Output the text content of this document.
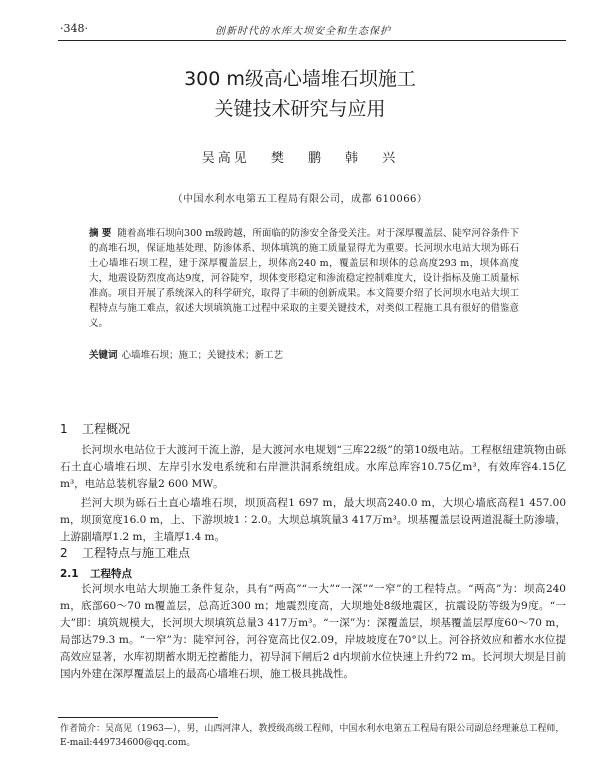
·348·	创新时代的水库大坝安全和生态保护
300 m级高心墙堆石坝施工
关键技术研究与应用
吴高见 樊 鹏 韩 兴
（中国水利水电第五工程局有限公司，成都 610066）
摘 要 随着高堆石坝向300 m级跨越，所面临的防渗安全备受关注。对于深厚覆盖层、陡窄河谷条件下的高堆石坝，保证地基处理、防渗体系、坝体填筑的施工质量显得尤为重要。长河坝水电站大坝为砾石土心墙堆石坝工程，建于深厚覆盖层上，坝体高240 m，覆盖层和坝体的总高度293 m，坝体高度大，地震设防烈度高达9度，河谷陡窄，坝体变形稳定和渗流稳定控制难度大，设计指标及施工质量标准高。项目开展了系统深入的科学研究，取得了丰硕的创新成果。本文简要介绍了长河坝水电站大坝工程特点与施工难点，叙述大坝填筑施工过程中采取的主要关键技术，对类似工程施工具有很好的借鉴意义。
关键词 心墙堆石坝；施工；关键技术；新工艺
1 工程概况
长河坝水电站位于大渡河干流上游，是大渡河水电规划“三库22级”的第10级电站。工程枢纽建筑物由砾石土直心墙堆石坝、左岸引水发电系统和右岸泄洪洞系统组成。水库总库容10.75亿m³，有效库容4.15亿m³，电站总装机容量2 600 MW。
拦河大坝为砾石土直心墙堆石坝，坝顶高程1 697 m，最大坝高240.0 m，大坝心墙底高程1 457.00 m，坝顶宽度16.0 m，上、下游坝坡1∶2.0。大坝总填筑量3 417万m³。坝基覆盖层设两道混凝土防渗墙，上游副墙厚1.2 m，主墙厚1.4 m。
2 工程特点与施工难点
2.1 工程特点
长河坝水电站大坝施工条件复杂，具有“两高”“一大”“一深”“一窄”的工程特点。“两高”为：坝高240 m，底部60～70 m覆盖层，总高近300 m；地震烈度高，大坝地处8级地震区，抗震设防等级为9度。“一大”即：填筑规模大，长河坝大坝填筑总量3 417万m³。“一深”为：深覆盖层，坝基覆盖层厚度60～70 m，局部达79.3 m。“一窄”为：陡窄河谷，河谷宽高比仅2.09，岸坡坡度在70°以上。河谷挤效应和蓄水水位提高效应显著，水库初期蓄水期无控蓄能力，初导洞下闸后2 d内坝前水位快速上升约72 m。长河坝大坝是目前国内外建在深厚覆盖层上的最高心墙堆石坝，施工极具挑战性。
作者简介：吴高见（1963—），男，山西河津人，教授级高级工程师，中国水利水电第五工程局有限公司副总经理兼总工程师，E-mail:449734600@qq.com。
